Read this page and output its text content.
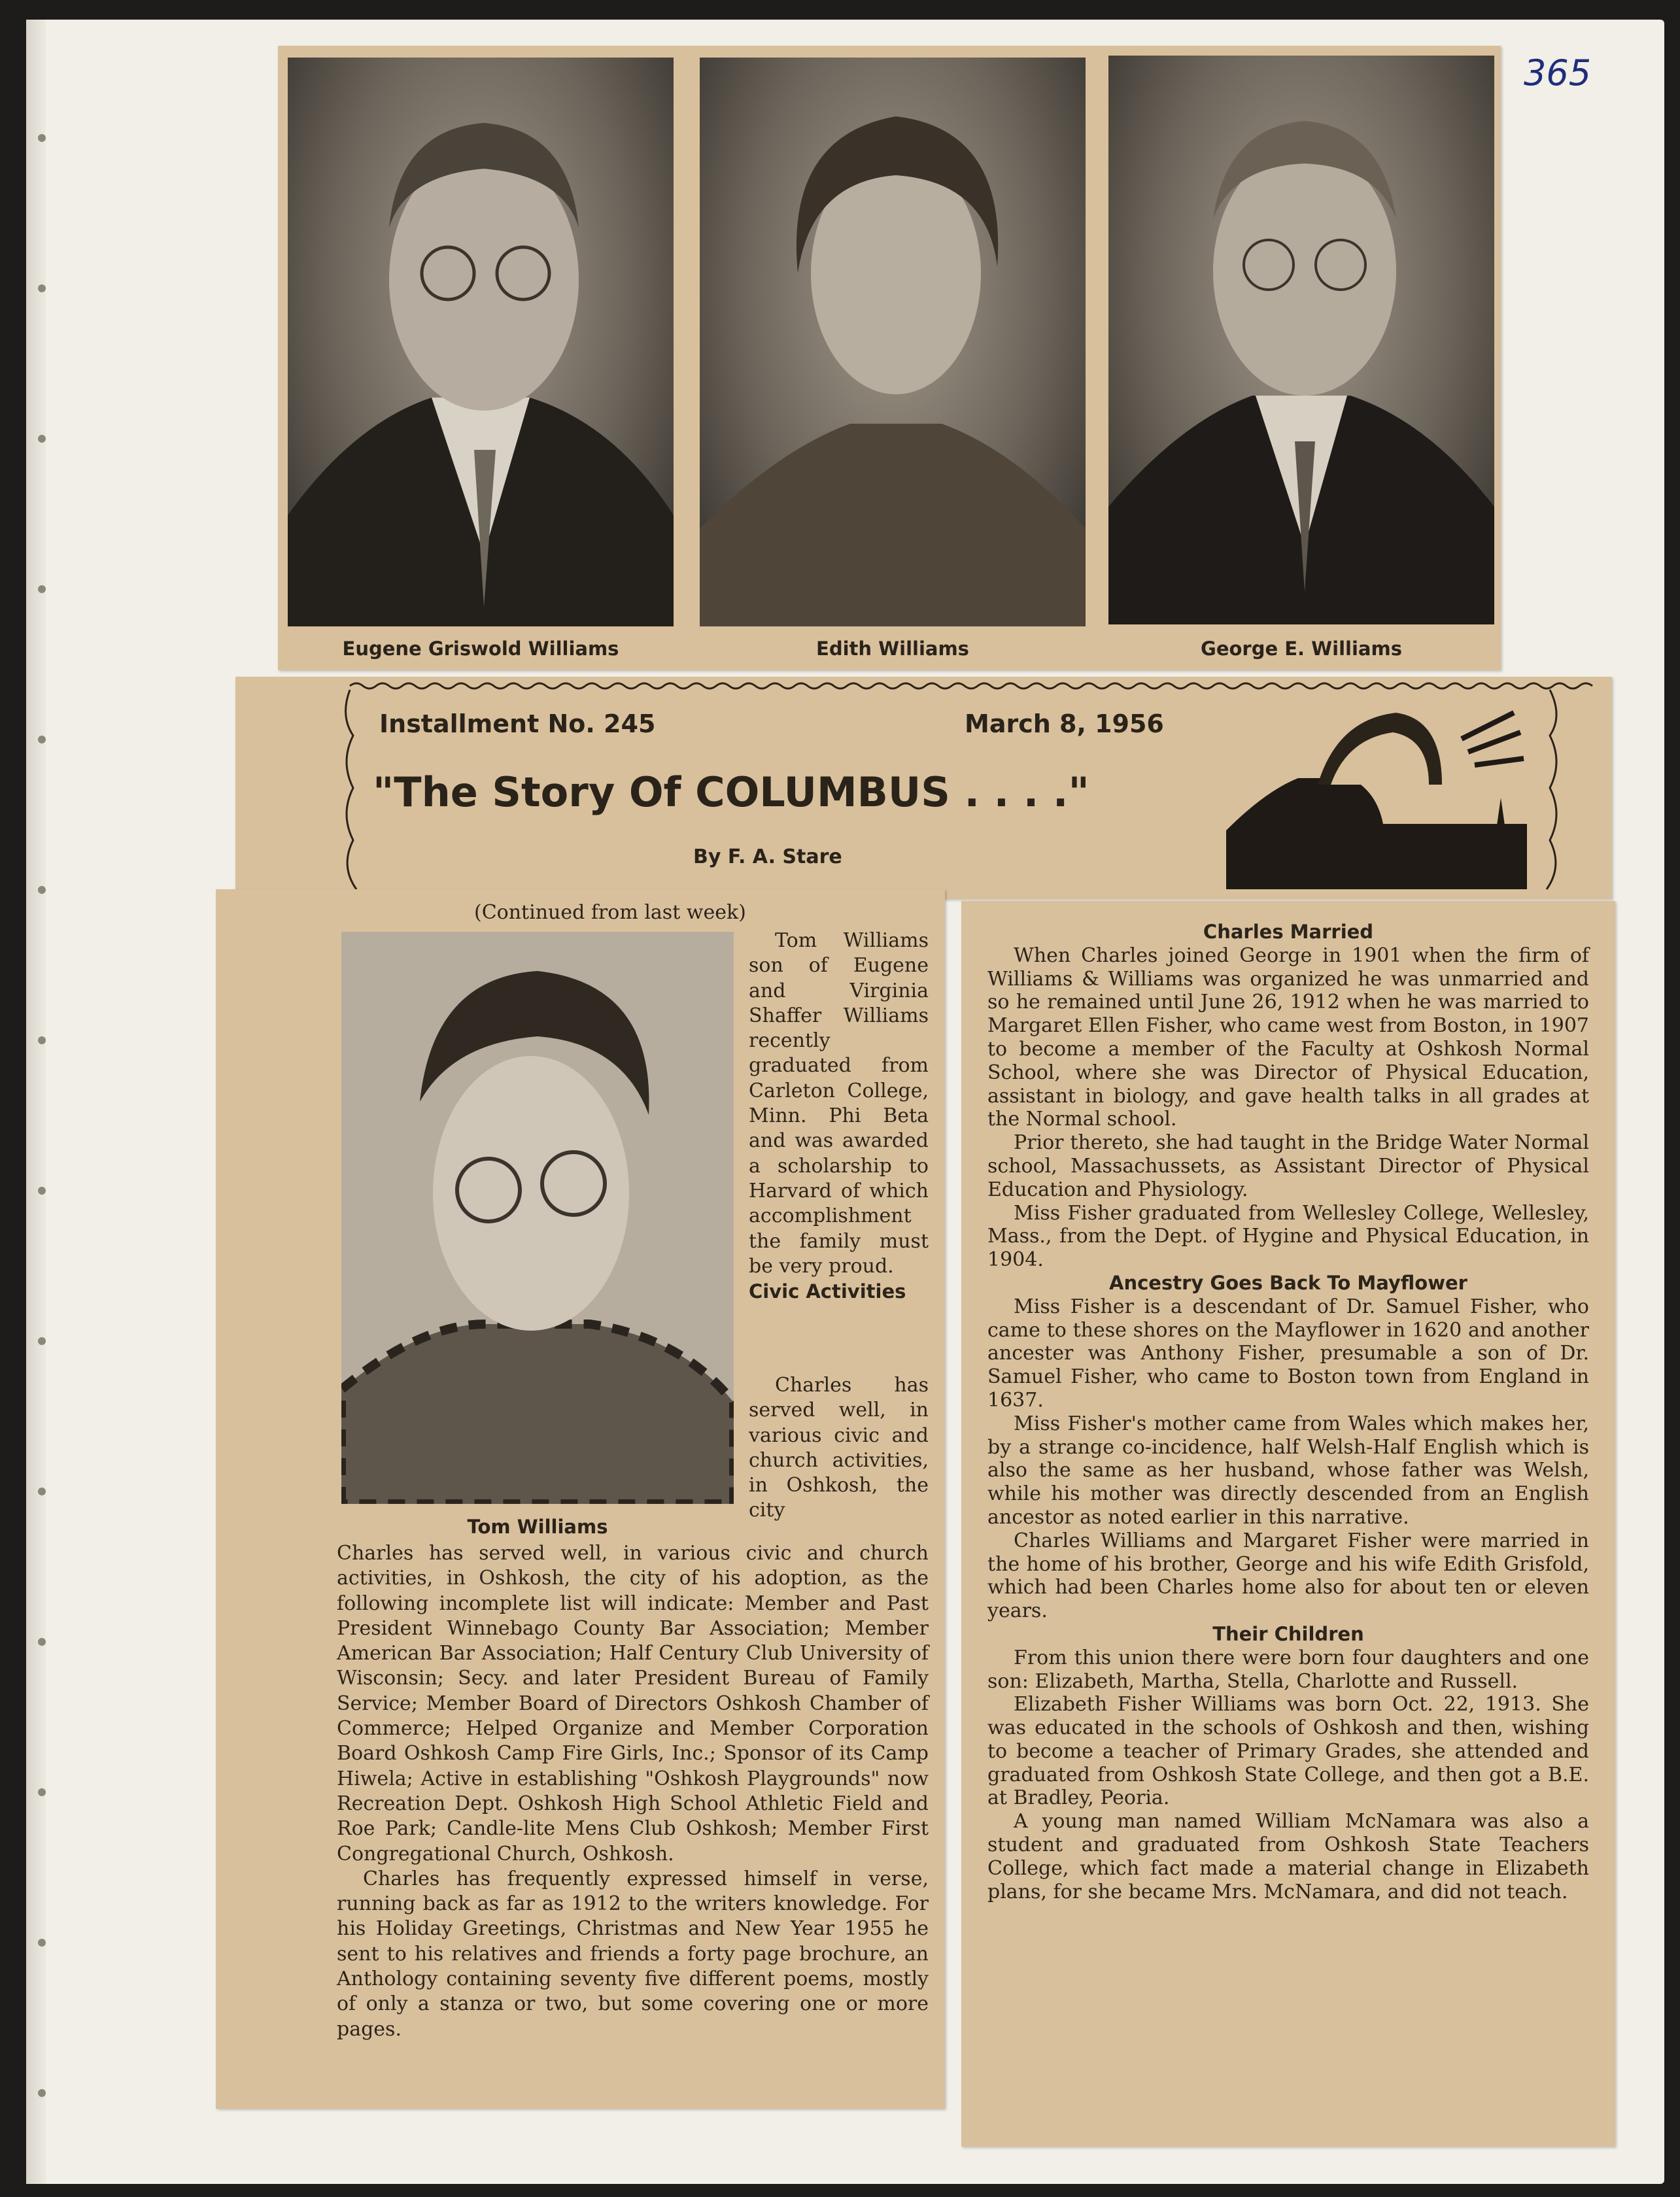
365
Eugene Griswold Williams	Edith Williams	George E. Williams
Installment No. 245	March 8, 1956
"The Story Of COLUMBUS . . . ."
By F. A. Stare
(Continued from last week)
Tom Williams

Tom Williams son of Eugene and Virginia Shaffer Williams recently graduated from Carleton College, Minn. Phi Beta and was awarded a scholarship to Harvard of which accomplishment the family must be very proud.

Civic Activities

Charles has served well, in various civic and church activities, in Oshkosh, the city

Charles has served well, in various civic and church activities, in Oshkosh, the city of his adoption, as the following incomplete list will indicate: Member and Past President Winnebago County Bar Association; Member American Bar Association; Half Century Club University of Wisconsin; Secy. and later President Bureau of Family Service; Member Board of Directors Oshkosh Chamber of Commerce; Helped Organize and Member Corporation Board Oshkosh Camp Fire Girls, Inc.; Sponsor of its Camp Hiwela; Active in establishing "Oshkosh Playgrounds" now Recreation Dept. Oshkosh High School Athletic Field and Roe Park; Candle-lite Mens Club Oshkosh; Member First Congregational Church, Oshkosh.

Charles has frequently expressed himself in verse, running back as far as 1912 to the writers knowledge. For his Holiday Greetings, Christmas and New Year 1955 he sent to his relatives and friends a forty page brochure, an Anthology containing seventy five different poems, mostly of only a stanza or two, but some covering one or more pages.

Charles Married

When Charles joined George in 1901 when the firm of Williams & Williams was organized he was unmarried and so he remained until June 26, 1912 when he was married to Margaret Ellen Fisher, who came west from Boston, in 1907 to become a member of the Faculty at Oshkosh Normal School, where she was Director of Physical Education, assistant in biology, and gave health talks in all grades at the Normal school.

Prior thereto, she had taught in the Bridge Water Normal school, Massachussets, as Assistant Director of Physical Education and Physiology.

Miss Fisher graduated from Wellesley College, Wellesley, Mass., from the Dept. of Hygine and Physical Education, in 1904.

Ancestry Goes Back To Mayflower

Miss Fisher is a descendant of Dr. Samuel Fisher, who came to these shores on the Mayflower in 1620 and another ancester was Anthony Fisher, presumable a son of Dr. Samuel Fisher, who came to Boston town from England in 1637.

Miss Fisher's mother came from Wales which makes her, by a strange co-incidence, half Welsh-Half English which is also the same as her husband, whose father was Welsh, while his mother was directly descended from an English ancestor as noted earlier in this narrative.

Charles Williams and Margaret Fisher were married in the home of his brother, George and his wife Edith Grisfold, which had been Charles home also for about ten or eleven years.

Their Children

From this union there were born four daughters and one son: Elizabeth, Martha, Stella, Charlotte and Russell.

Elizabeth Fisher Williams was born Oct. 22, 1913. She was educated in the schools of Oshkosh and then, wishing to become a teacher of Primary Grades, she attended and graduated from Oshkosh State College, and then got a B.E. at Bradley, Peoria.

A young man named William McNamara was also a student and graduated from Oshkosh State Teachers College, which fact made a material change in Elizabeth plans, for she became Mrs. McNamara, and did not teach.
